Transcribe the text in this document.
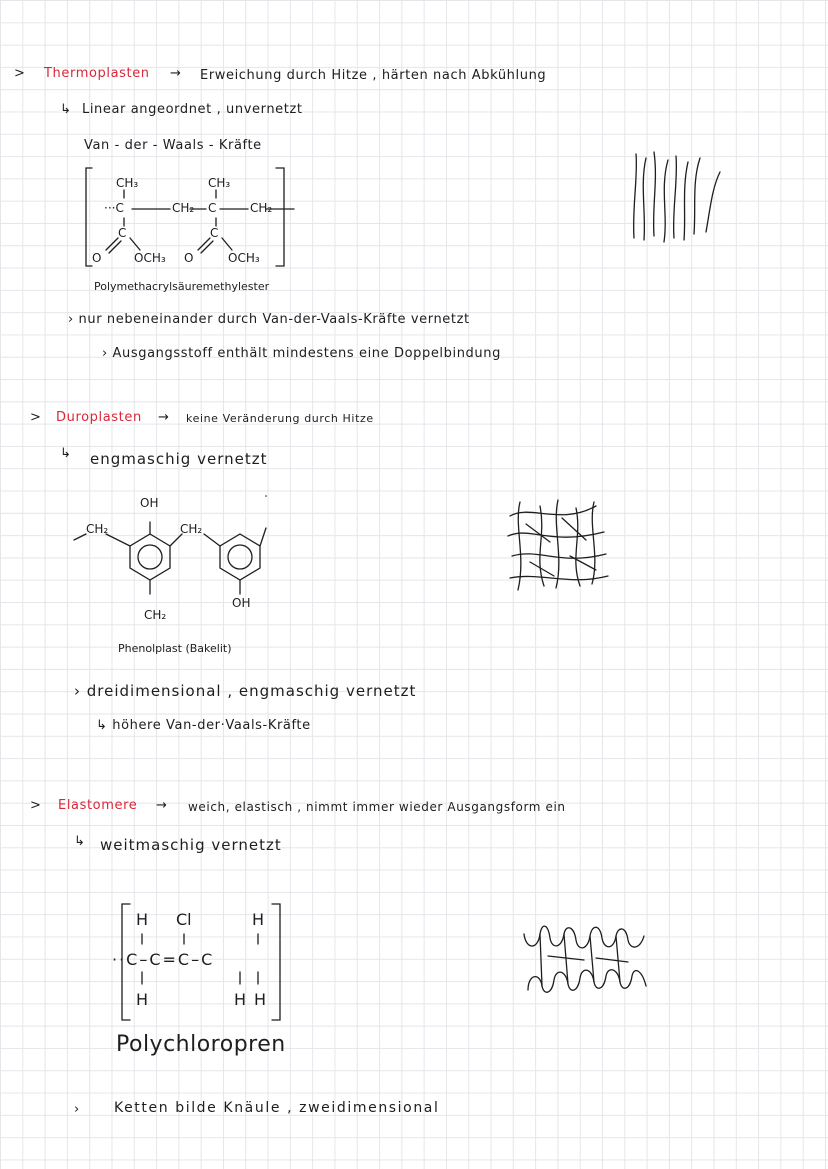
> Thermoplasten → Erweichung durch Hitze , härten nach Abkühlung
↳ Linear angeordnet , unvernetzt
Van - der - Waals - Kräfte
CH₃	CH₃
···C	CH₂ C	CH₂
C	C
O	OCH₃ O	OCH₃
Polymethacrylsäuremethylester
› nur nebeneinander durch Van-der-Vaals-Kräfte vernetzt
› Ausgangsstoff enthält mindestens eine Doppelbindung
> Duroplasten → keine Veränderung durch Hitze
↳ engmaschig vernetzt
OH
CH₂	CH₂
CH₂
OH
Phenolplast (Bakelit)
› dreidimensional , engmaschig vernetzt
↳ höhere Van-der·Vaals-Kräfte
> Elastomere → weich, elastisch , nimmt immer wieder Ausgangsform ein
↳ weitmaschig vernetzt
H Cl	H
··C–C=C–C
H	H H
Polychloropren
› Ketten bilde Knäule , zweidimensional
